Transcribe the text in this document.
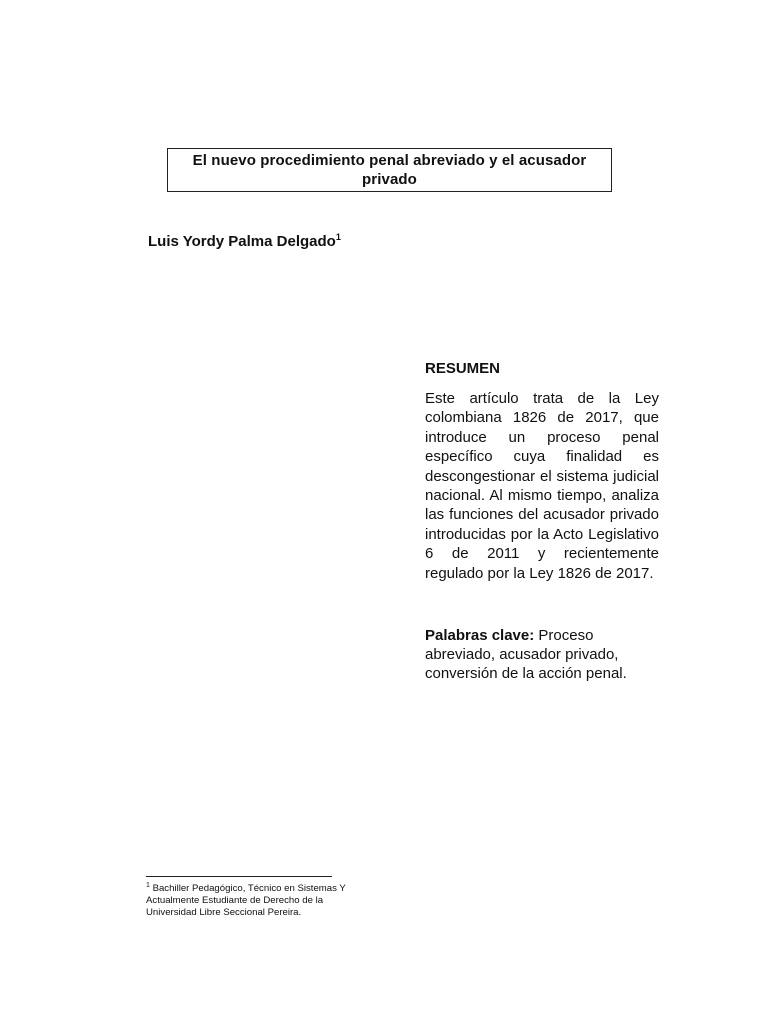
El nuevo procedimiento penal abreviado y el acusador privado
Luis Yordy Palma Delgado$^1$
RESUMEN

Este artículo trata de la Ley colombiana 1826 de 2017, que introduce un proceso penal específico cuya finalidad es descongestionar el sistema judicial nacional. Al mismo tiempo, analiza las funciones del acusador privado introducidas por la Acto Legislativo 6 de 2011 y recientemente regulado por la Ley 1826 de 2017.

Palabras clave: Proceso abreviado, acusador privado, conversión de la acción penal.

$^1$ Bachiller Pedagógico, Técnico en Sistemas Y Actualmente Estudiante de Derecho de la Universidad Libre Seccional Pereira.
